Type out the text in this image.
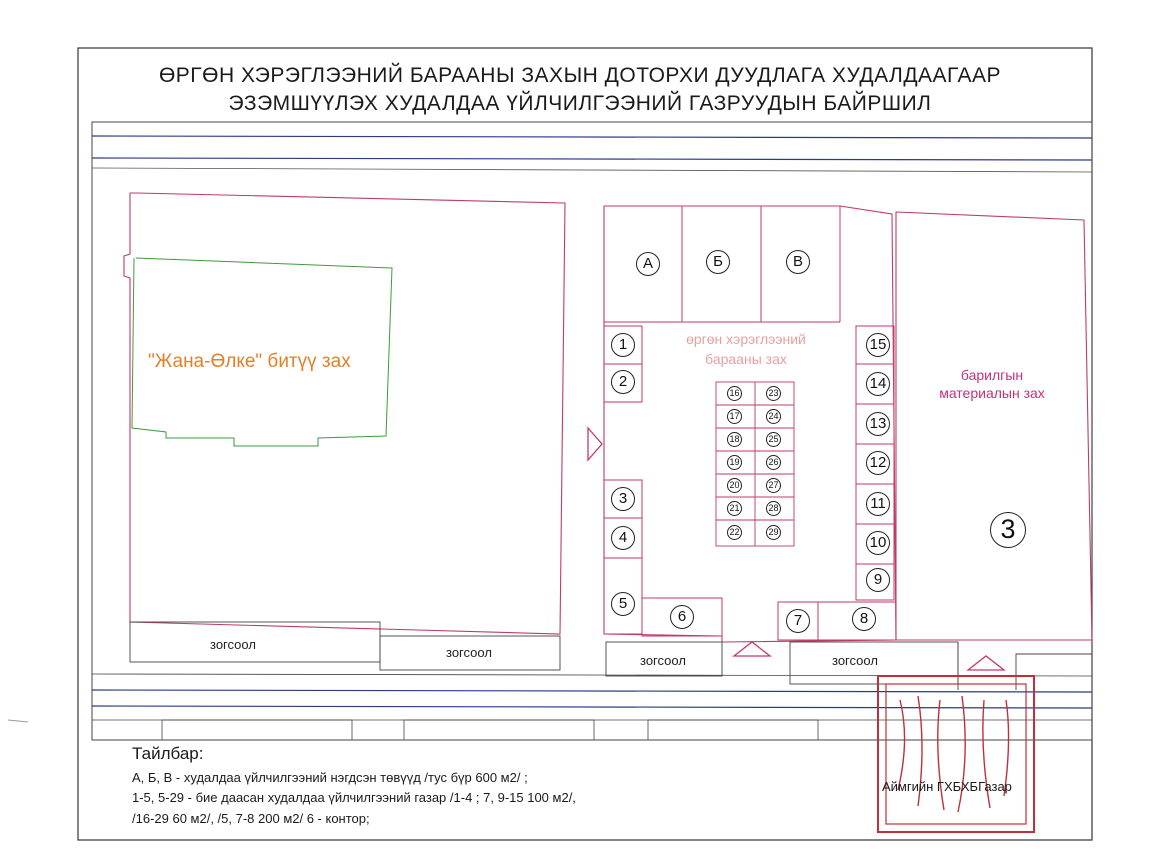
ӨРГӨН ХЭРЭГЛЭЭНИЙ БАРААНЫ ЗАХЫН ДОТОРХИ ДУУДЛАГА ХУДАЛДААГААР
ЭЗЭМШҮҮЛЭХ ХУДАЛДАА ҮЙЛЧИЛГЭЭНИЙ ГАЗРУУДЫН БАЙРШИЛ
"Жана-Өлке" битүү зах
өргөн хэрэглээний
барааны зах
барилгын
материалын зах
3
А	Б	В
1
2
3
4
5
15
14
13
12
11
10
9
6	7	8
16
17
18
19
20
21
22
23
24
25
26
27
28
29
зогсоол
зогсоол
зогсоол	зогсоол
Тайлбар:
А, Б, В - худалдаа үйлчилгээний нэгдсэн төвүүд /тус бүр 600 м2/ ;
1-5, 5-29 - бие даасан худалдаа үйлчилгээний газар /1-4 ; 7, 9-15 100 м2/,
/16-29 60 м2/, /5, 7-8 200 м2/ 6 - контор;
Аймгийн ГХБХБГазар
